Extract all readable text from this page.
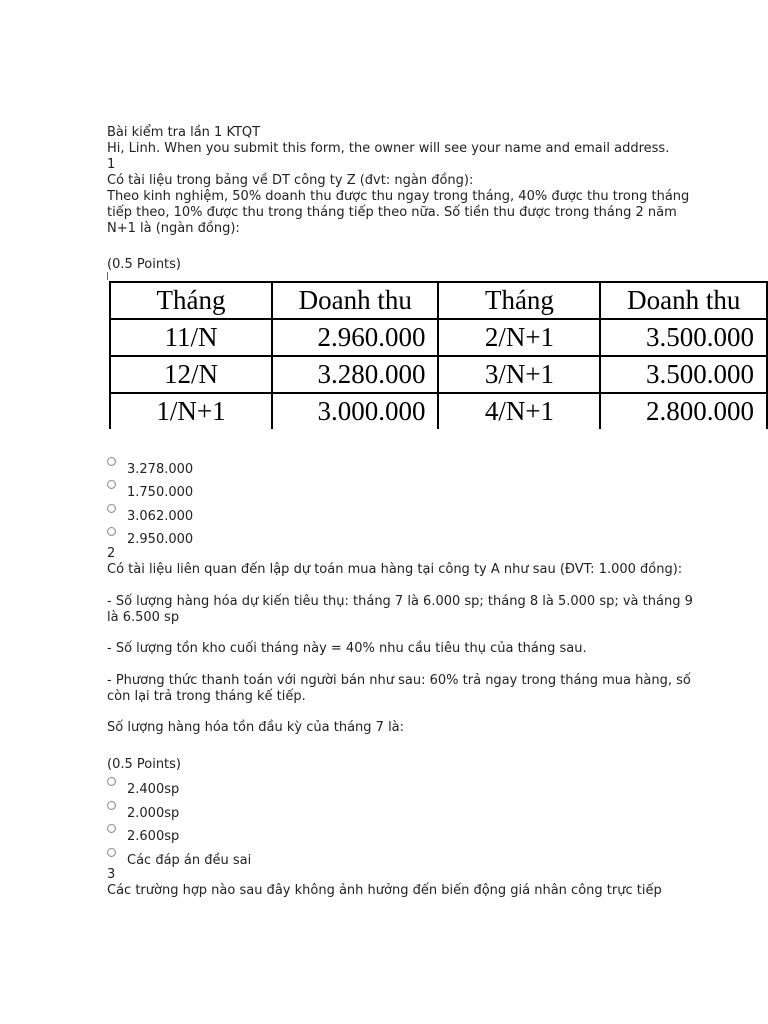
Bài kiểm tra lần 1 KTQT
Hi, Linh. When you submit this form, the owner will see your name and email address.
1
Có tài liệu trong bảng về DT công ty Z (đvt: ngàn đồng):
Theo kinh nghiệm, 50% doanh thu được thu ngay trong tháng, 40% được thu trong tháng tiếp theo, 10% được thu trong tháng tiếp theo nữa. Số tiền thu được trong tháng 2 năm N+1 là (ngàn đồng):
(0.5 Points)
Tháng	Doanh thu	Tháng	Doanh thu
11/N	2.960.000	2/N+1	3.500.000
12/N	3.280.000	3/N+1	3.500.000
1/N+1	3.000.000	4/N+1	2.800.000
3.278.000
1.750.000
3.062.000
2.950.000
2
Có tài liệu liên quan đến lập dự toán mua hàng tại công ty A như sau (ĐVT: 1.000 đồng):
- Số lượng hàng hóa dự kiến tiêu thụ: tháng 7 là 6.000 sp; tháng 8 là 5.000 sp; và tháng 9 là 6.500 sp
- Số lượng tồn kho cuối tháng này = 40% nhu cầu tiêu thụ của tháng sau.
- Phương thức thanh toán với người bán như sau: 60% trả ngay trong tháng mua hàng, số còn lại trả trong tháng kế tiếp.
Số lượng hàng hóa tồn đầu kỳ của tháng 7 là:
(0.5 Points)
2.400sp
2.000sp
2.600sp
Các đáp án đều sai
3
Các trường hợp nào sau đây không ảnh hưởng đến biến động giá nhân công trực tiếp
